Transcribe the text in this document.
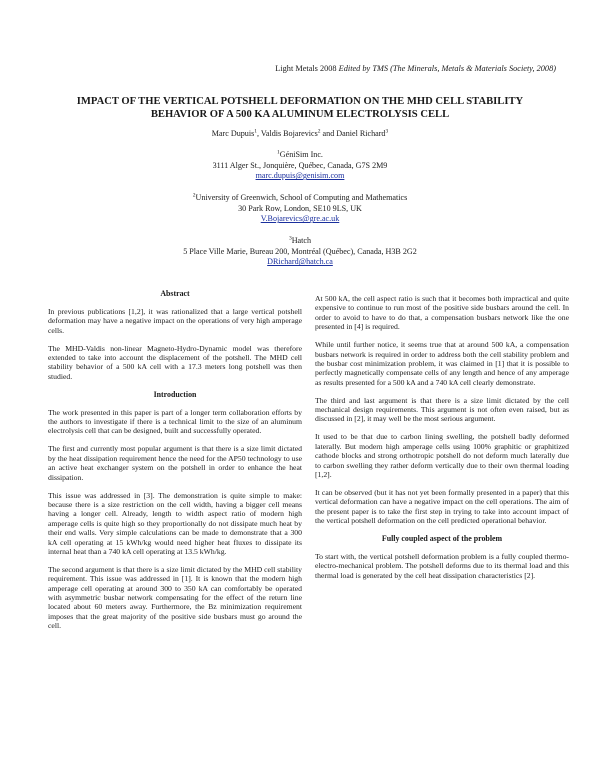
Light Metals 2008 Edited by TMS (The Minerals, Metals & Materials Society, 2008)
IMPACT OF THE VERTICAL POTSHELL DEFORMATION ON THE MHD CELL STABILITY
BEHAVIOR OF A 500 KA ALUMINUM ELECTROLYSIS CELL
Marc Dupuis$^1$, Valdis Bojarevics$^2$ and Daniel Richard$^3$
$^1$GéniSim Inc.
3111 Alger St., Jonquière, Québec, Canada, G7S 2M9
marc.dupuis@genisim.com
$^2$University of Greenwich, School of Computing and Mathematics
30 Park Row, London, SE10 9LS, UK
V.Bojarevics@gre.ac.uk
$^3$Hatch
5 Place Ville Marie, Bureau 200, Montréal (Québec), Canada, H3B 2G2
DRichard@hatch.ca
Abstract

In previous publications [1,2], it was rationalized that a large vertical potshell deformation may have a negative impact on the operations of very high amperage cells.

The MHD-Valdis non-linear Magneto-Hydro-Dynamic model was therefore extended to take into account the displacement of the potshell. The MHD cell stability behavior of a 500 kA cell with a 17.3 meters long potshell was then studied.

Introduction

The work presented in this paper is part of a longer term collaboration efforts by the authors to investigate if there is a technical limit to the size of an aluminum electrolysis cell that can be designed, built and successfully operated.

The first and currently most popular argument is that there is a size limit dictated by the heat dissipation requirement hence the need for the AP50 technology to use an active heat exchanger system on the potshell in order to enhance the heat dissipation.

This issue was addressed in [3]. The demonstration is quite simple to make: because there is a size restriction on the cell width, having a bigger cell means having a longer cell. Already, length to width aspect ratio of modern high amperage cells is quite high so they proportionally do not dissipate much heat by their end walls. Very simple calculations can be made to demonstrate that a 300 kA cell operating at 15 kWh/kg would need higher heat fluxes to dissipate its internal heat than a 740 kA cell operating at 13.5 kWh/kg.

The second argument is that there is a size limit dictated by the MHD cell stability requirement. This issue was addressed in [1]. It is known that the modern high amperage cell operating at around 300 to 350 kA can comfortably be operated with asymmetric busbar network compensating for the effect of the return line located about 60 meters away. Furthermore, the Bz minimization requirement imposes that the great majority of the positive side busbars must go around the cell.

At 500 kA, the cell aspect ratio is such that it becomes both impractical and quite expensive to continue to run most of the positive side busbars around the cell. In order to avoid to have to do that, a compensation busbars network like the one presented in [4] is required.

While until further notice, it seems true that at around 500 kA, a compensation busbars network is required in order to address both the cell stability problem and the busbar cost minimization problem, it was claimed in [1] that it is possible to perfectly magnetically compensate cells of any length and hence of any amperage as results presented for a 500 kA and a 740 kA cell clearly demonstrate.

The third and last argument is that there is a size limit dictated by the cell mechanical design requirements. This argument is not often even raised, but as discussed in [2], it may well be the most serious argument.

It used to be that due to carbon lining swelling, the potshell badly deformed laterally. But modern high amperage cells using 100% graphitic or graphitized cathode blocks and strong orthotropic potshell do not deform much laterally due to carbon swelling they rather deform vertically due to their own thermal loading [1,2].

It can be observed (but it has not yet been formally presented in a paper) that this vertical deformation can have a negative impact on the cell operations. The aim of the present paper is to take the first step in trying to take into account impact of the vertical potshell deformation on the cell predicted operational behavior.

Fully coupled aspect of the problem

To start with, the vertical potshell deformation problem is a fully coupled thermo-electro-mechanical problem. The potshell deforms due to its thermal load and this thermal load is generated by the cell heat dissipation characteristics [2].
